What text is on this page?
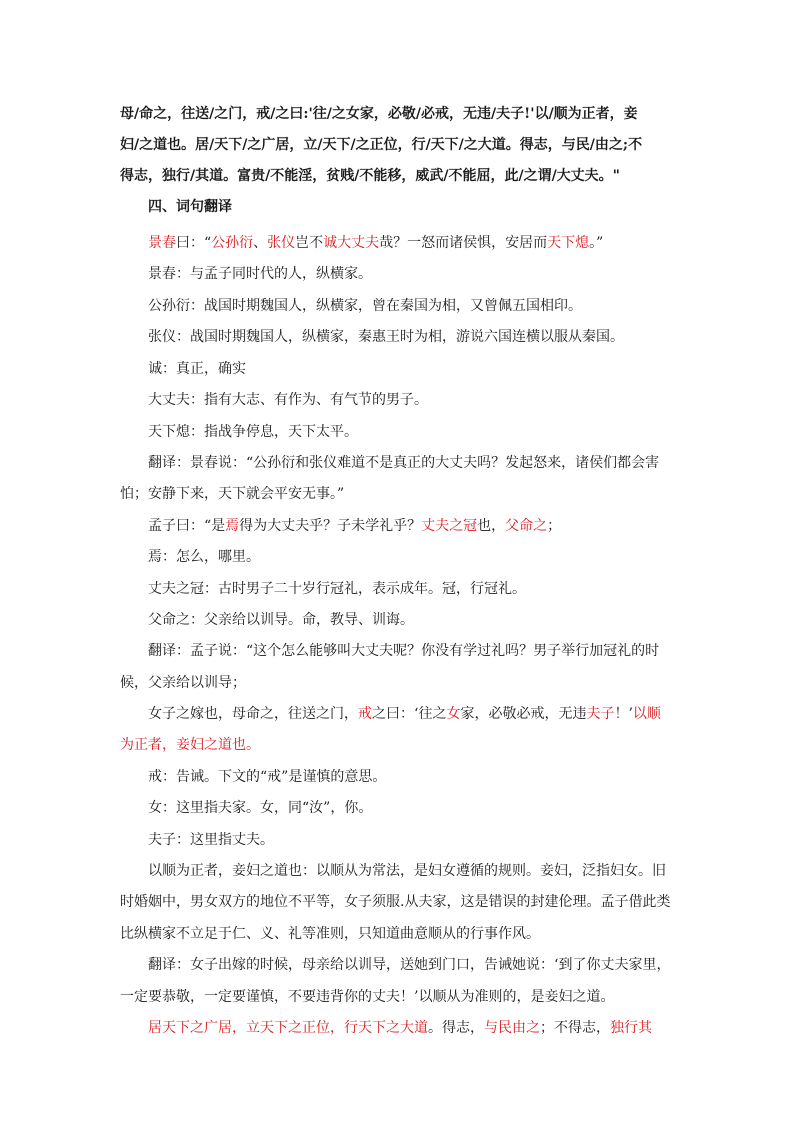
四、词句翻译
母/命之，往送/之门，戒/之曰:'往/之女家，必敬/必戒，无违/夫子!'以/顺为正者，妾
妇/之道也。居/天下/之广居，立/天下/之正位，行/天下/之大道。得志，与民/由之;不
得志，独行/其道。富贵/不能淫，贫贱/不能移，威武/不能屈，此/之谓/大丈夫。"
景春曰：“公孙衍、张仪岂不诚大丈夫哉？一怒而诸侯惧，安居而天下熄。”
景春：与孟子同时代的人，纵横家。
公孙衍：战国时期魏国人，纵横家，曾在秦国为相，又曾佩五国相印。
张仪：战国时期魏国人，纵横家，秦惠王时为相，游说六国连横以服从秦国。
诚：真正，确实
大丈夫：指有大志、有作为、有气节的男子。
天下熄：指战争停息，天下太平。
翻译：景春说：“公孙衍和张仪难道不是真正的大丈夫吗？发起怒来，诸侯们都会害
怕；安静下来，天下就会平安无事。”
孟子曰：“是焉得为大丈夫乎？子未学礼乎？丈夫之冠也，父命之；
焉：怎么，哪里。
丈夫之冠：古时男子二十岁行冠礼，表示成年。冠，行冠礼。
父命之：父亲给以训导。命，教导、训诲。
翻译：孟子说：“这个怎么能够叫大丈夫呢？你没有学过礼吗？男子举行加冠礼的时
候，父亲给以训导；
女子之嫁也，母命之，往送之门，戒之曰：‘往之女家，必敬必戒，无违夫子！’以顺
为正者，妾妇之道也。
戒：告诫。下文的“戒”是谨慎的意思。
女：这里指夫家。女，同“汝”，你。
夫子：这里指丈夫。
以顺为正者，妾妇之道也：以顺从为常法，是妇女遵循的规则。妾妇，泛指妇女。旧
时婚姻中，男女双方的地位不平等，女子须服.从夫家，这是错误的封建伦理。孟子借此类
比纵横家不立足于仁、义、礼等准则，只知道曲意顺从的行事作风。
翻译：女子出嫁的时候，母亲给以训导，送她到门口，告诫她说：‘到了你丈夫家里，
一定要恭敬，一定要谨慎，不要违背你的丈夫！’以顺从为准则的，是妾妇之道。
居天下之广居，立天下之正位，行天下之大道。得志，与民由之；不得志，独行其
